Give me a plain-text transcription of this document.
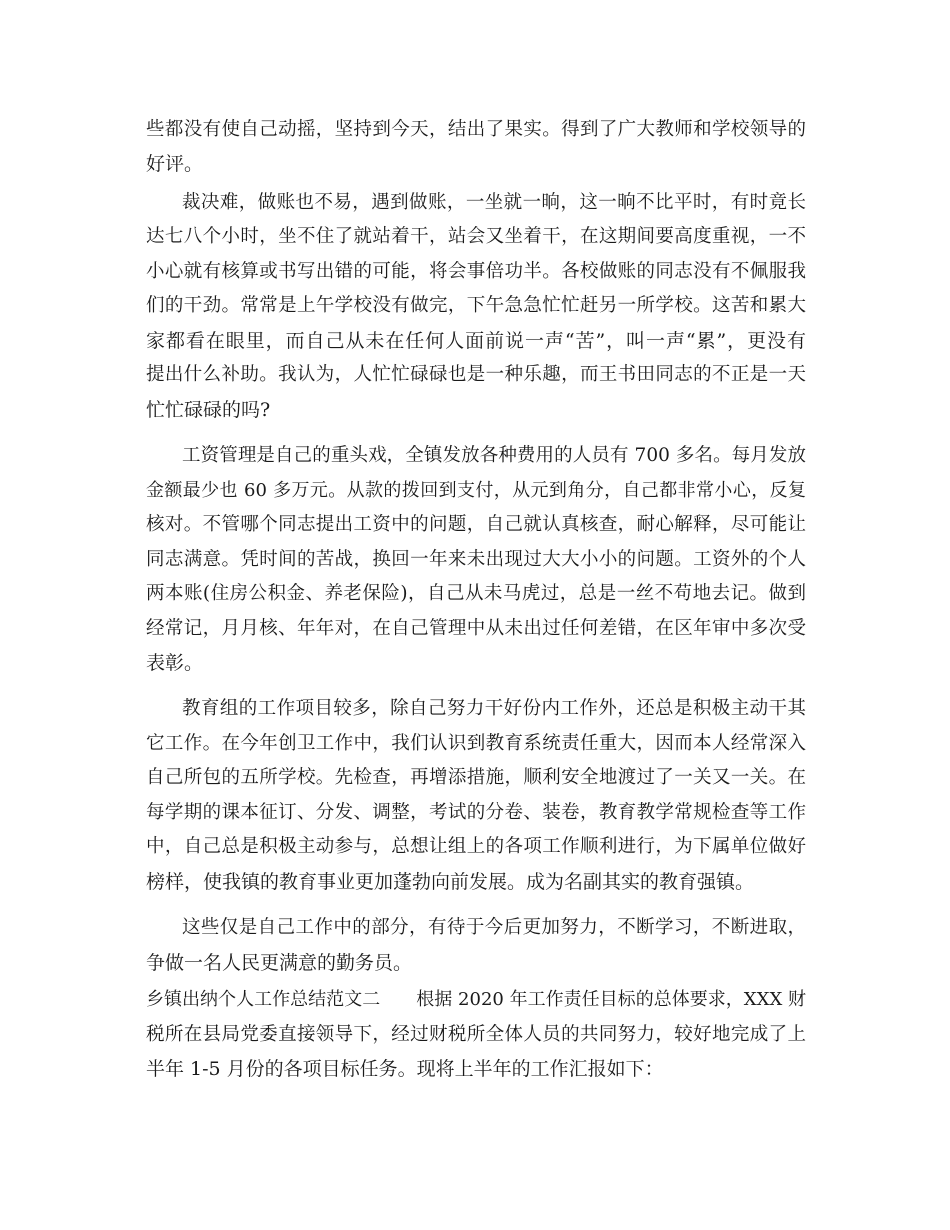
些都没有使自己动摇，坚持到今天，结出了果实。得到了广大教师和学校领导的
好评。
裁决难，做账也不易，遇到做账，一坐就一晌，这一晌不比平时，有时竟长
达七八个小时，坐不住了就站着干，站会又坐着干，在这期间要高度重视，一不
小心就有核算或书写出错的可能，将会事倍功半。各校做账的同志没有不佩服我
们的干劲。常常是上午学校没有做完，下午急急忙忙赶另一所学校。这苦和累大
家都看在眼里，而自己从未在任何人面前说一声“苦”，叫一声“累”，更没有
提出什么补助。我认为，人忙忙碌碌也是一种乐趣，而王书田同志的不正是一天
忙忙碌碌的吗?
工资管理是自己的重头戏，全镇发放各种费用的人员有 700 多名。每月发放
金额最少也 60 多万元。从款的拨回到支付，从元到角分，自己都非常小心，反复
核对。不管哪个同志提出工资中的问题，自己就认真核查，耐心解释，尽可能让
同志满意。凭时间的苦战，换回一年来未出现过大大小小的问题。工资外的个人
两本账(住房公积金、养老保险)，自己从未马虎过，总是一丝不苟地去记。做到
经常记，月月核、年年对，在自己管理中从未出过任何差错，在区年审中多次受
表彰。
教育组的工作项目较多，除自己努力干好份内工作外，还总是积极主动干其
它工作。在今年创卫工作中，我们认识到教育系统责任重大，因而本人经常深入
自己所包的五所学校。先检查，再增添措施，顺利安全地渡过了一关又一关。在
每学期的课本征订、分发、调整，考试的分卷、装卷，教育教学常规检查等工作
中，自己总是积极主动参与，总想让组上的各项工作顺利进行，为下属单位做好
榜样，使我镇的教育事业更加蓬勃向前发展。成为名副其实的教育强镇。
这些仅是自己工作中的部分，有待于今后更加努力，不断学习，不断进取，
争做一名人民更满意的勤务员。
乡镇出纳个人工作总结范文二　　根据 2020 年工作责任目标的总体要求，XXX 财
税所在县局党委直接领导下，经过财税所全体人员的共同努力，较好地完成了上
半年 1-5 月份的各项目标任务。现将上半年的工作汇报如下：
